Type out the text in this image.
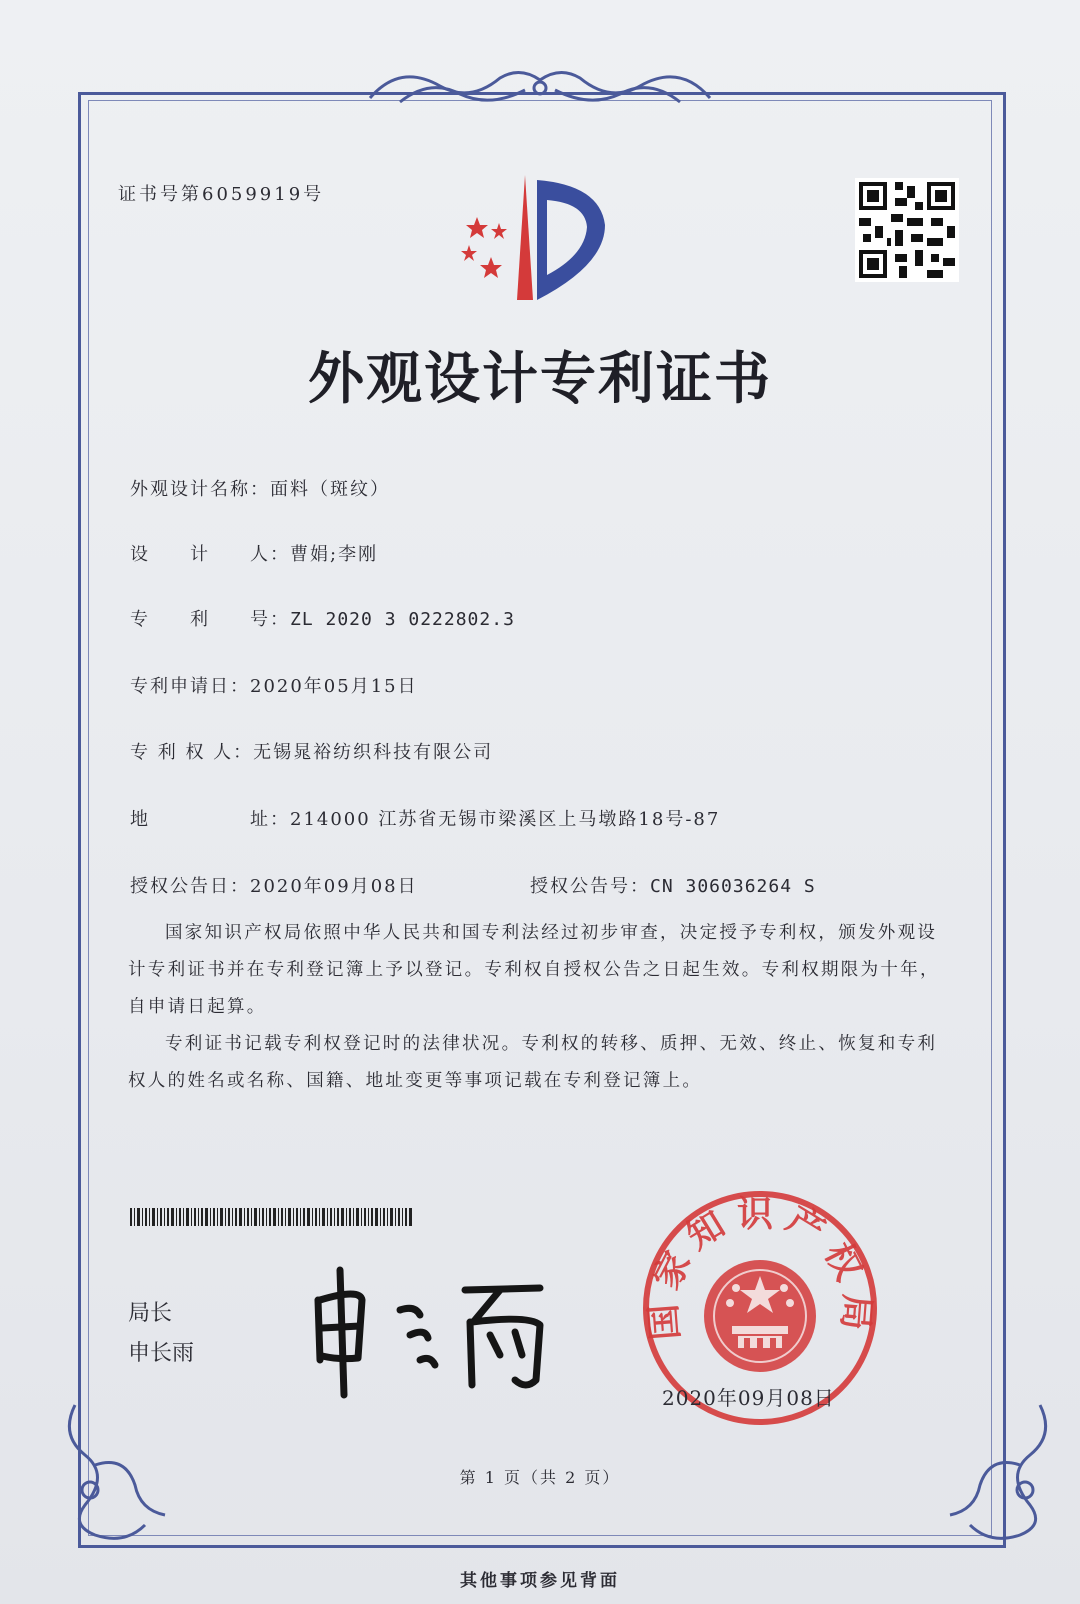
证书号第6059919号
外观设计专利证书
外观设计名称：面料（斑纹）
设　　计　　人：曹娟;李刚
专　　利　　号：ZL 2020 3 0222802.3
专利申请日：2020年05月15日
专 利 权 人：无锡晁裕纺织科技有限公司
地　　　　　址：214000 江苏省无锡市梁溪区上马墩路18号-87
授权公告日：2020年09月08日	授权公告号：CN 306036264 S
国家知识产权局依照中华人民共和国专利法经过初步审查，决定授予专利权，颁发外观设计专利证书并在专利登记簿上予以登记。专利权自授权公告之日起生效。专利权期限为十年，自申请日起算。
专利证书记载专利权登记时的法律状况。专利权的转移、质押、无效、终止、恢复和专利权人的姓名或名称、国籍、地址变更等事项记载在专利登记簿上。
局长
申长雨
国家知识产权局
2020年09月08日
第 1 页（共 2 页）
其他事项参见背面
